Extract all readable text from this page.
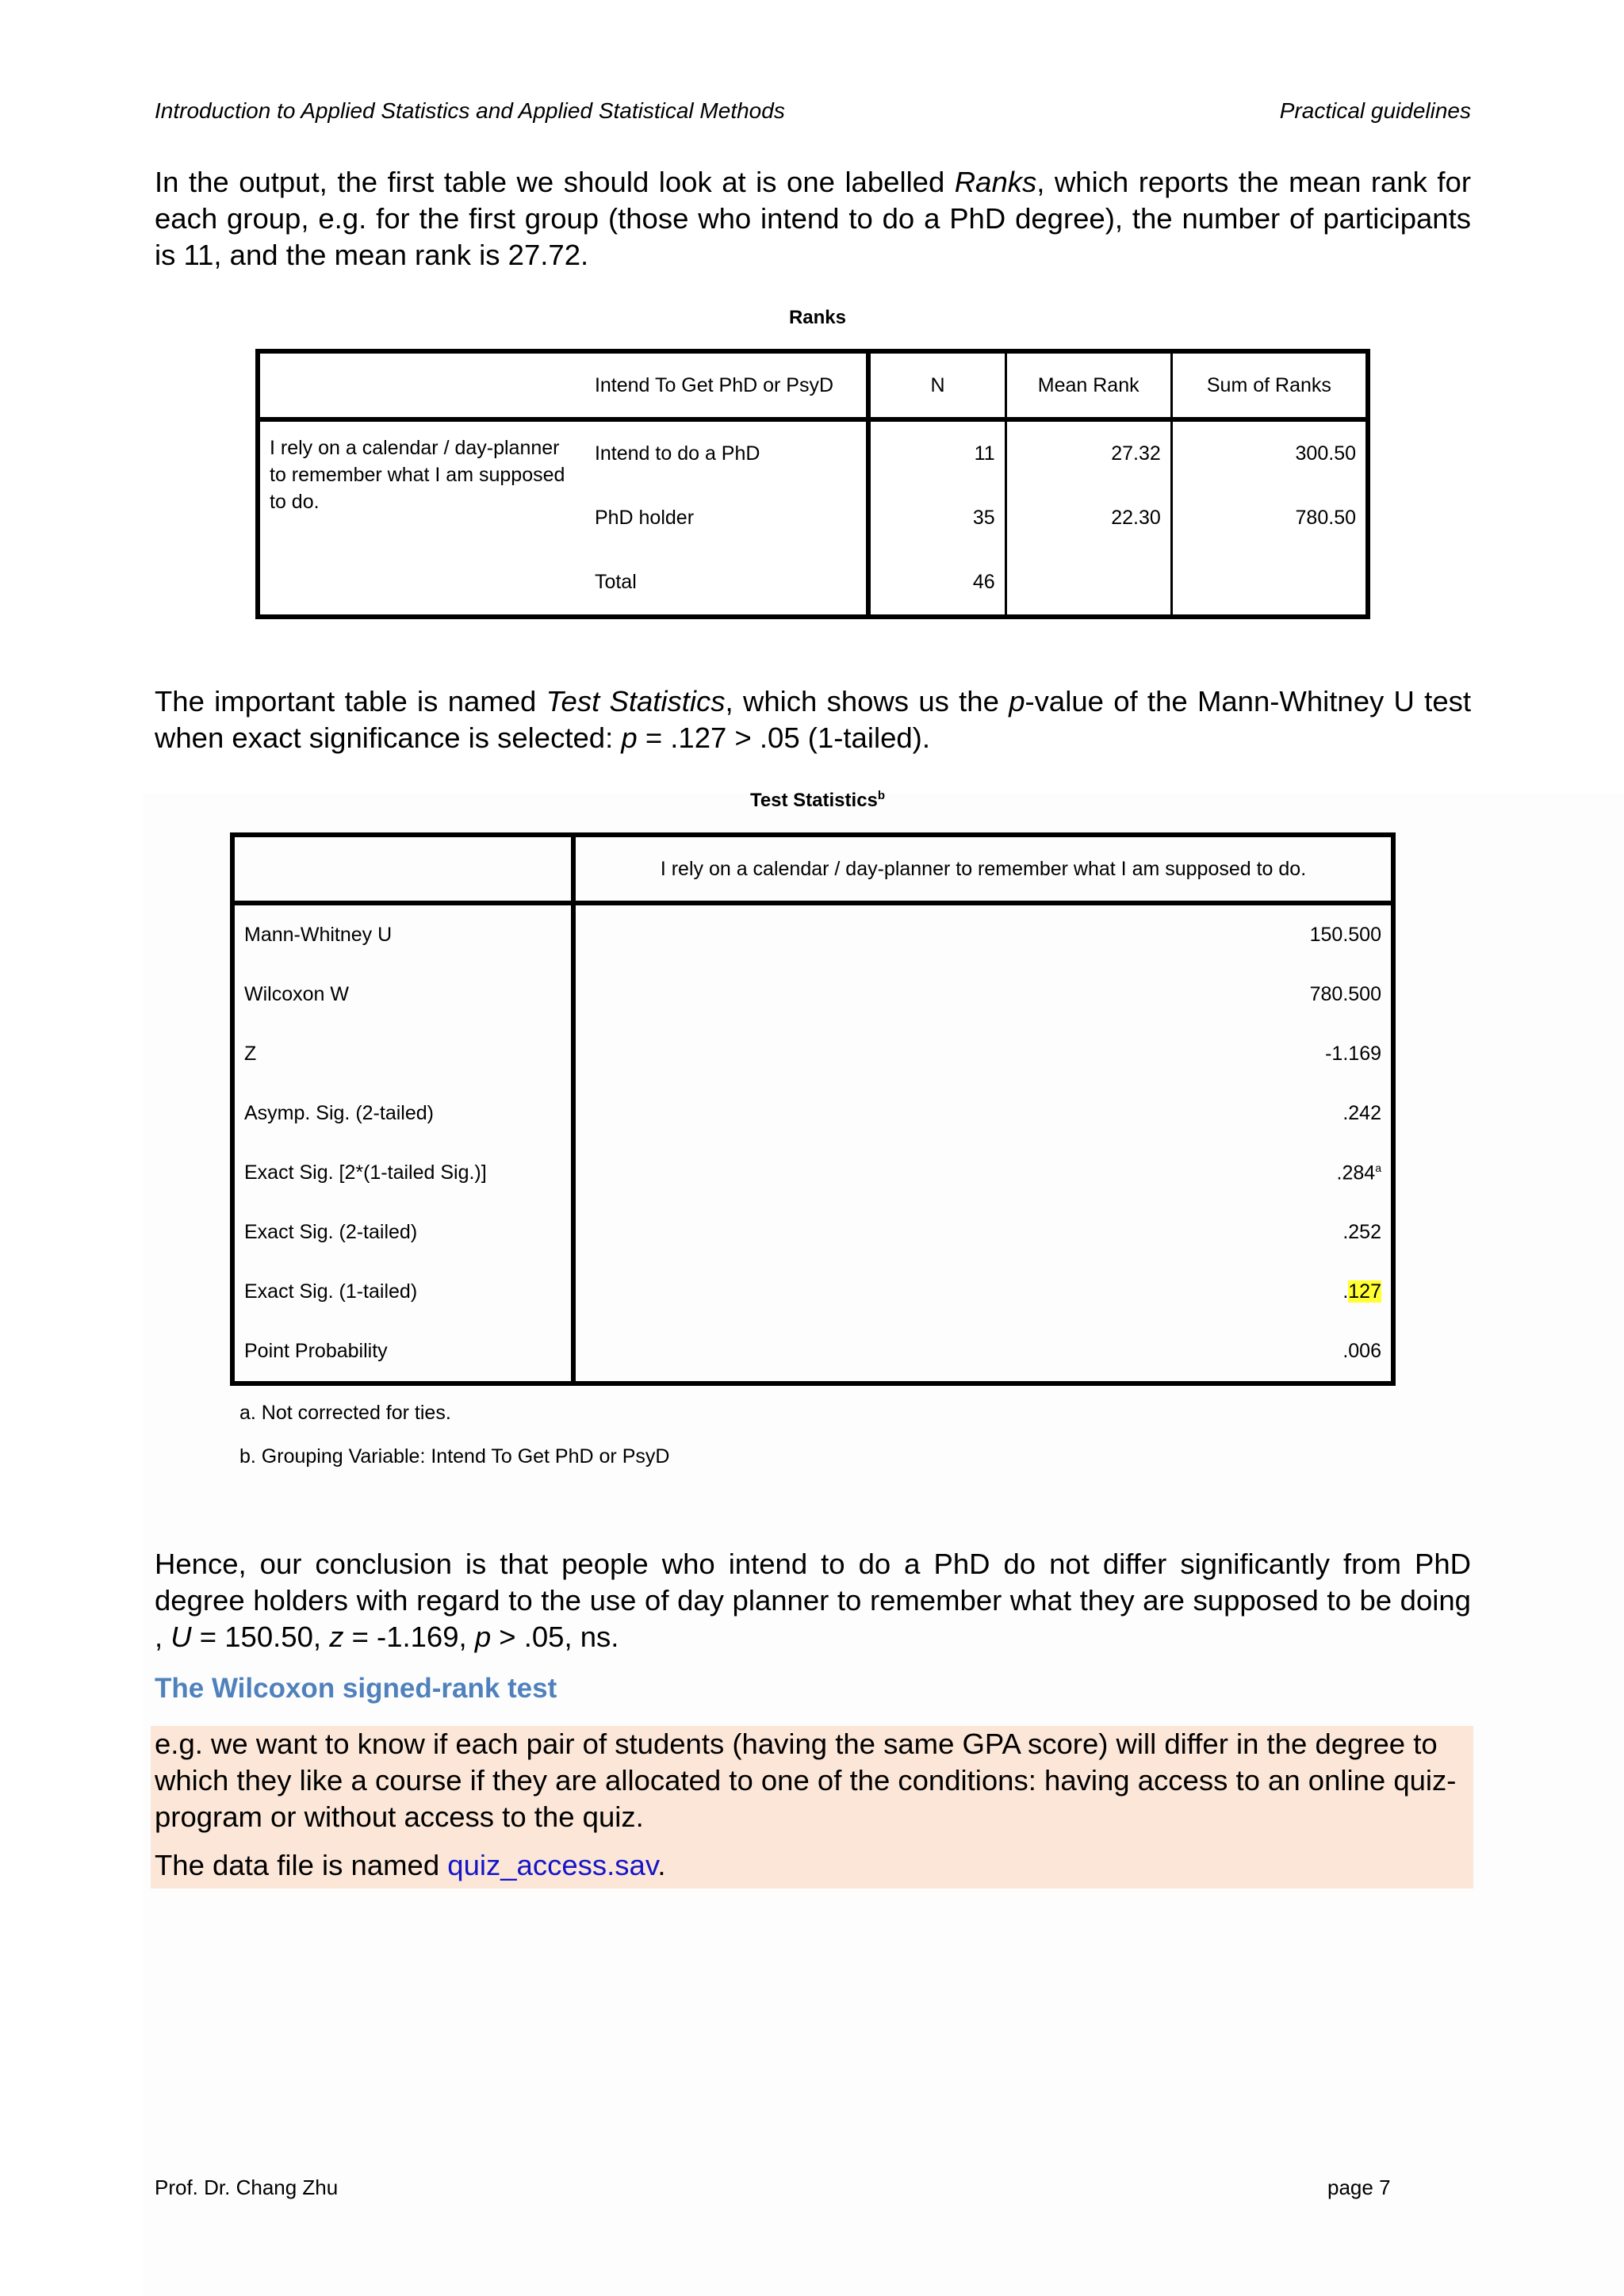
Introduction to Applied Statistics and Applied Statistical Methods	Practical guidelines
In the output, the first table we should look at is one labelled Ranks, which reports the mean rank for each group, e.g. for the first group (those who intend to do a PhD degree), the number of participants is 11, and the mean rank is 27.72.
Ranks
	Intend To Get PhD or PsyD	N	Mean Rank	Sum of Ranks
I rely on a calendar / day-planner to remember what I am supposed to do.	Intend to do a PhD	11	27.32	300.50
	PhD holder	35	22.30	780.50
	Total	46		
The important table is named Test Statistics, which shows us the p-value of the Mann-Whitney U test when exact significance is selected: p = .127 > .05 (1-tailed).
Test Statistics$^b$
	I rely on a calendar / day-planner to remember what I am supposed to do.
Mann-Whitney U	150.500
Wilcoxon W	780.500
Z	-1.169
Asymp. Sig. (2-tailed)	.242
Exact Sig. [2*(1-tailed Sig.)]	.284$^a$
Exact Sig. (2-tailed)	.252
Exact Sig. (1-tailed)	.127
Point Probability	.006
a. Not corrected for ties.
b. Grouping Variable: Intend To Get PhD or PsyD
Hence, our conclusion is that people who intend to do a PhD do not differ significantly from PhD degree holders with regard to the use of day planner to remember what they are supposed to be doing , U = 150.50, z = -1.169, p > .05, ns.
The Wilcoxon signed-rank test
e.g. we want to know if each pair of students (having the same GPA score) will differ in the degree to which they like a course if they are allocated to one of the conditions: having access to an online quiz-program or without access to the quiz.
The data file is named quiz_access.sav.
Prof. Dr. Chang Zhu	page 7
